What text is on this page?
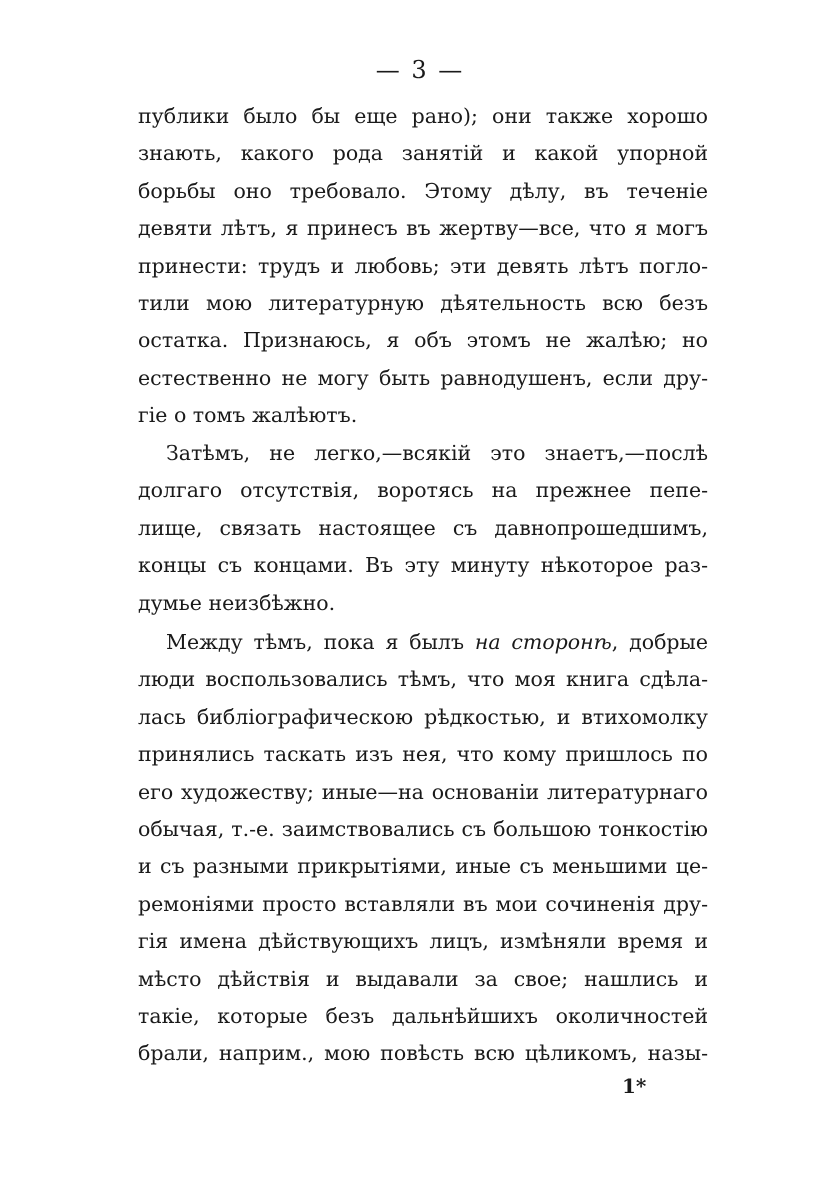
— 3 —
публики было бы еще рано); они также хорошо
знають, какого рода занятій и какой упорной
борьбы оно требовало. Этому дѣлу, въ теченіе
девяти лѣтъ, я принесъ въ жертву—все, что я могъ
принести: трудъ и любовь; эти девять лѣтъ погло-
тили мою литературную дѣятельность всю безъ
остатка. Признаюсь, я объ этомъ не жалѣю; но
естественно не могу быть равнодушенъ, если дру-
гіе о томъ жалѣютъ.
Затѣмъ, не легко,—всякій это знаетъ,—послѣ
долгаго отсутствія, воротясь на прежнее пепе-
лище, связать настоящее съ давнопрошедшимъ,
концы съ концами. Въ эту минуту нѣкоторое раз-
думье неизбѣжно.
Между тѣмъ, пока я былъ на сторонѣ, добрые
люди воспользовались тѣмъ, что моя книга сдѣла-
лась библіографическою рѣдкостью, и втихомолку
принялись таскать изъ нея, что кому пришлось по
его художеству; иные—на основаніи литературнаго
обычая, т.-е. заимствовались съ большою тонкостію
и съ разными прикрытіями, иные съ меньшими це-
ремоніями просто вставляли въ мои сочиненія дру-
гія имена дѣйствующихъ лицъ, измѣняли время и
мѣсто дѣйствія и выдавали за свое; нашлись и
такіе, которые безъ дальнѣйшихъ околичностей
брали, наприм., мою повѣсть всю цѣликомъ, назы-
1*
